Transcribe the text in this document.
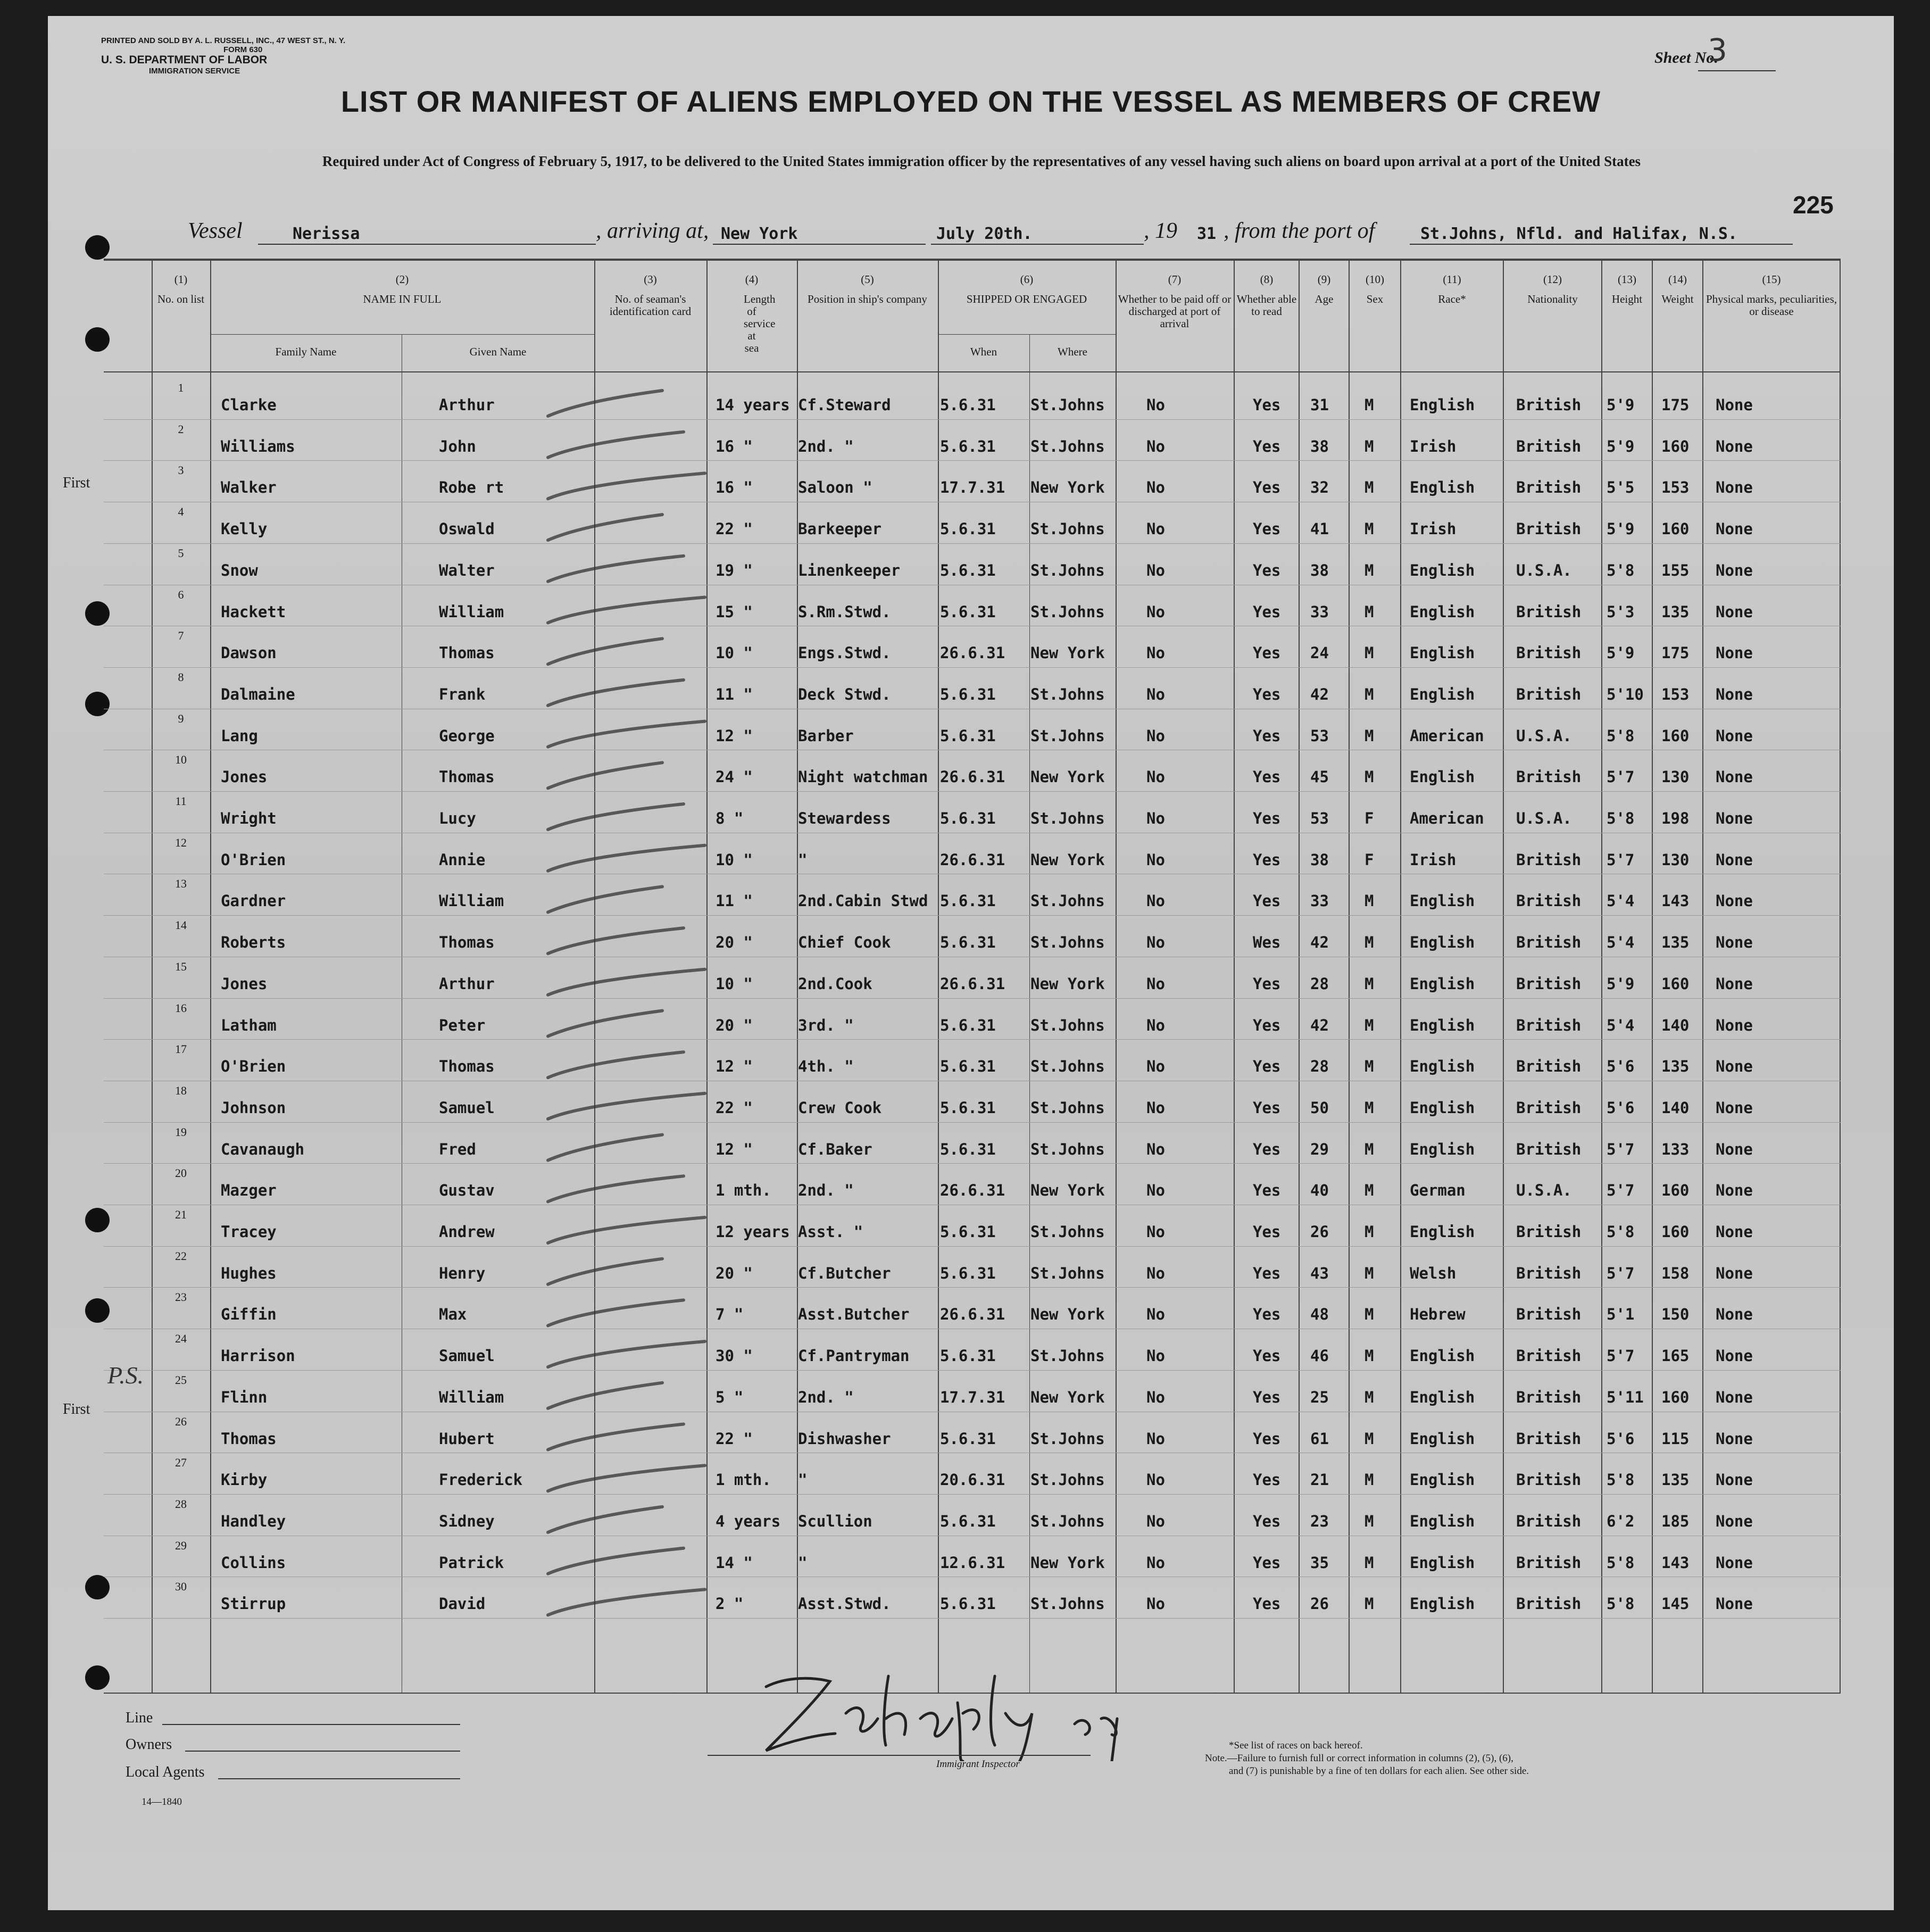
PRINTED AND SOLD BY A. L. RUSSELL, INC., 47 WEST ST., N. Y.
FORM 630
U. S. DEPARTMENT OF LABOR
IMMIGRATION SERVICE
Sheet No.
3
LIST OR MANIFEST OF ALIENS EMPLOYED ON THE VESSEL AS MEMBERS OF CREW
Required under Act of Congress of February 5, 1917, to be delivered to the United States immigration officer by the representatives of any vessel having such aliens on board upon arrival at a port of the United States
225
Vessel	Nerissa	, arriving at, New York	July 20th.	, 19 31 , from the port of	St.Johns, Nfld. and Halifax, N.S.
(1)
No. on list
(2)
NAME IN FULL
Family Name	Given Name
(3)
No. of seaman's identification card
(4)
Length of service at sea
(5)
Position in ship's company
(6)
SHIPPED OR ENGAGED
When	Where
(7)
Whether to be paid off or discharged at port of arrival
(8)
Whether able to read
(9)
Age
(10)
Sex
(11)
Race*
(12)
Nationality
(13)
Height
(14)
Weight
(15)
Physical marks, peculiarities, or disease
1
Clarke	Arthur	14 years Cf.Steward	5.6.31 St.Johns	No	Yes 31 M English	British 5'9 175 None
2
Williams	John	16 "	2nd. "	5.6.31 St.Johns	No	Yes 38 M Irish	British 5'9 160 None
3
Walker	Robe rt	16 "	Saloon "	17.7.31 New York	No	Yes 32 M English	British 5'5 153 None
4
Kelly	Oswald	22 "	Barkeeper	5.6.31 St.Johns	No	Yes 41 M Irish	British 5'9 160 None
5
Snow	Walter	19 "	Linenkeeper	5.6.31 St.Johns	No	Yes 38 M English	U.S.A. 5'8 155 None
6
Hackett	William	15 "	S.Rm.Stwd.	5.6.31 St.Johns	No	Yes 33 M English	British 5'3 135 None
7
Dawson	Thomas	10 "	Engs.Stwd.	26.6.31 New York	No	Yes 24 M English	British 5'9 175 None
8
Dalmaine	Frank	11 "	Deck Stwd.	5.6.31 St.Johns	No	Yes 42 M English	British 5'10 153 None
9
Lang	George	12 "	Barber	5.6.31 St.Johns	No	Yes 53 M American U.S.A. 5'8 160 None
10
Jones	Thomas	24 "	Night watchman 26.6.31 New York	No	Yes 45 M English	British 5'7 130 None
11
Wright	Lucy	8 "	Stewardess	5.6.31 St.Johns	No	Yes 53 F American U.S.A. 5'8 198 None
12
O'Brien	Annie	10 "	"	26.6.31 New York	No	Yes 38 F Irish	British 5'7 130 None
13
Gardner	William	11 "	2nd.Cabin Stwd 5.6.31 St.Johns	No	Yes 33 M English	British 5'4 143 None
14
Roberts	Thomas	20 "	Chief Cook	5.6.31 St.Johns	No	Wes 42 M English	British 5'4 135 None
15
Jones	Arthur	10 "	2nd.Cook	26.6.31 New York	No	Yes 28 M English	British 5'9 160 None
16
Latham	Peter	20 "	3rd. "	5.6.31 St.Johns	No	Yes 42 M English	British 5'4 140 None
17
O'Brien	Thomas	12 "	4th. "	5.6.31 St.Johns	No	Yes 28 M English	British 5'6 135 None
18
Johnson	Samuel	22 "	Crew Cook	5.6.31 St.Johns	No	Yes 50 M English	British 5'6 140 None
19
Cavanaugh	Fred	12 "	Cf.Baker	5.6.31 St.Johns	No	Yes 29 M English	British 5'7 133 None
20
Mazger	Gustav	1 mth. 2nd. "	26.6.31 New York	No	Yes 40 M German	U.S.A. 5'7 160 None
21
Tracey	Andrew	12 years Asst. "	5.6.31 St.Johns	No	Yes 26 M English	British 5'8 160 None
22
Hughes	Henry	20 "	Cf.Butcher	5.6.31 St.Johns	No	Yes 43 M Welsh	British 5'7 158 None
23
Giffin	Max	7 "	Asst.Butcher 26.6.31 New York	No	Yes 48 M Hebrew	British 5'1 150 None
24
Harrison	Samuel	30 "	Cf.Pantryman 5.6.31 St.Johns	No	Yes 46 M English	British 5'7 165 None
25
Flinn	William	5 "	2nd. "	17.7.31 New York	No	Yes 25 M English	British 5'11 160 None
26
Thomas	Hubert	22 "	Dishwasher	5.6.31 St.Johns	No	Yes 61 M English	British 5'6 115 None
27
Kirby	Frederick	1 mth. "	20.6.31 St.Johns	No	Yes 21 M English	British 5'8 135 None
28
Handley	Sidney	4 years Scullion	5.6.31 St.Johns	No	Yes 23 M English	British 6'2 185 None
29
Collins	Patrick	14 "	"	12.6.31 New York	No	Yes 35 M English	British 5'8 143 None
30
Stirrup	David	2 "	Asst.Stwd.	5.6.31 St.Johns	No	Yes 26 M English	British 5'8 145 None
First
First
P.S.
Line
Owners
Local Agents
14—1840
Immigrant Inspector
*See list of races on back hereof.
Note.—Failure to furnish full or correct information in columns (2), (5), (6),
and (7) is punishable by a fine of ten dollars for each alien. See other side.
